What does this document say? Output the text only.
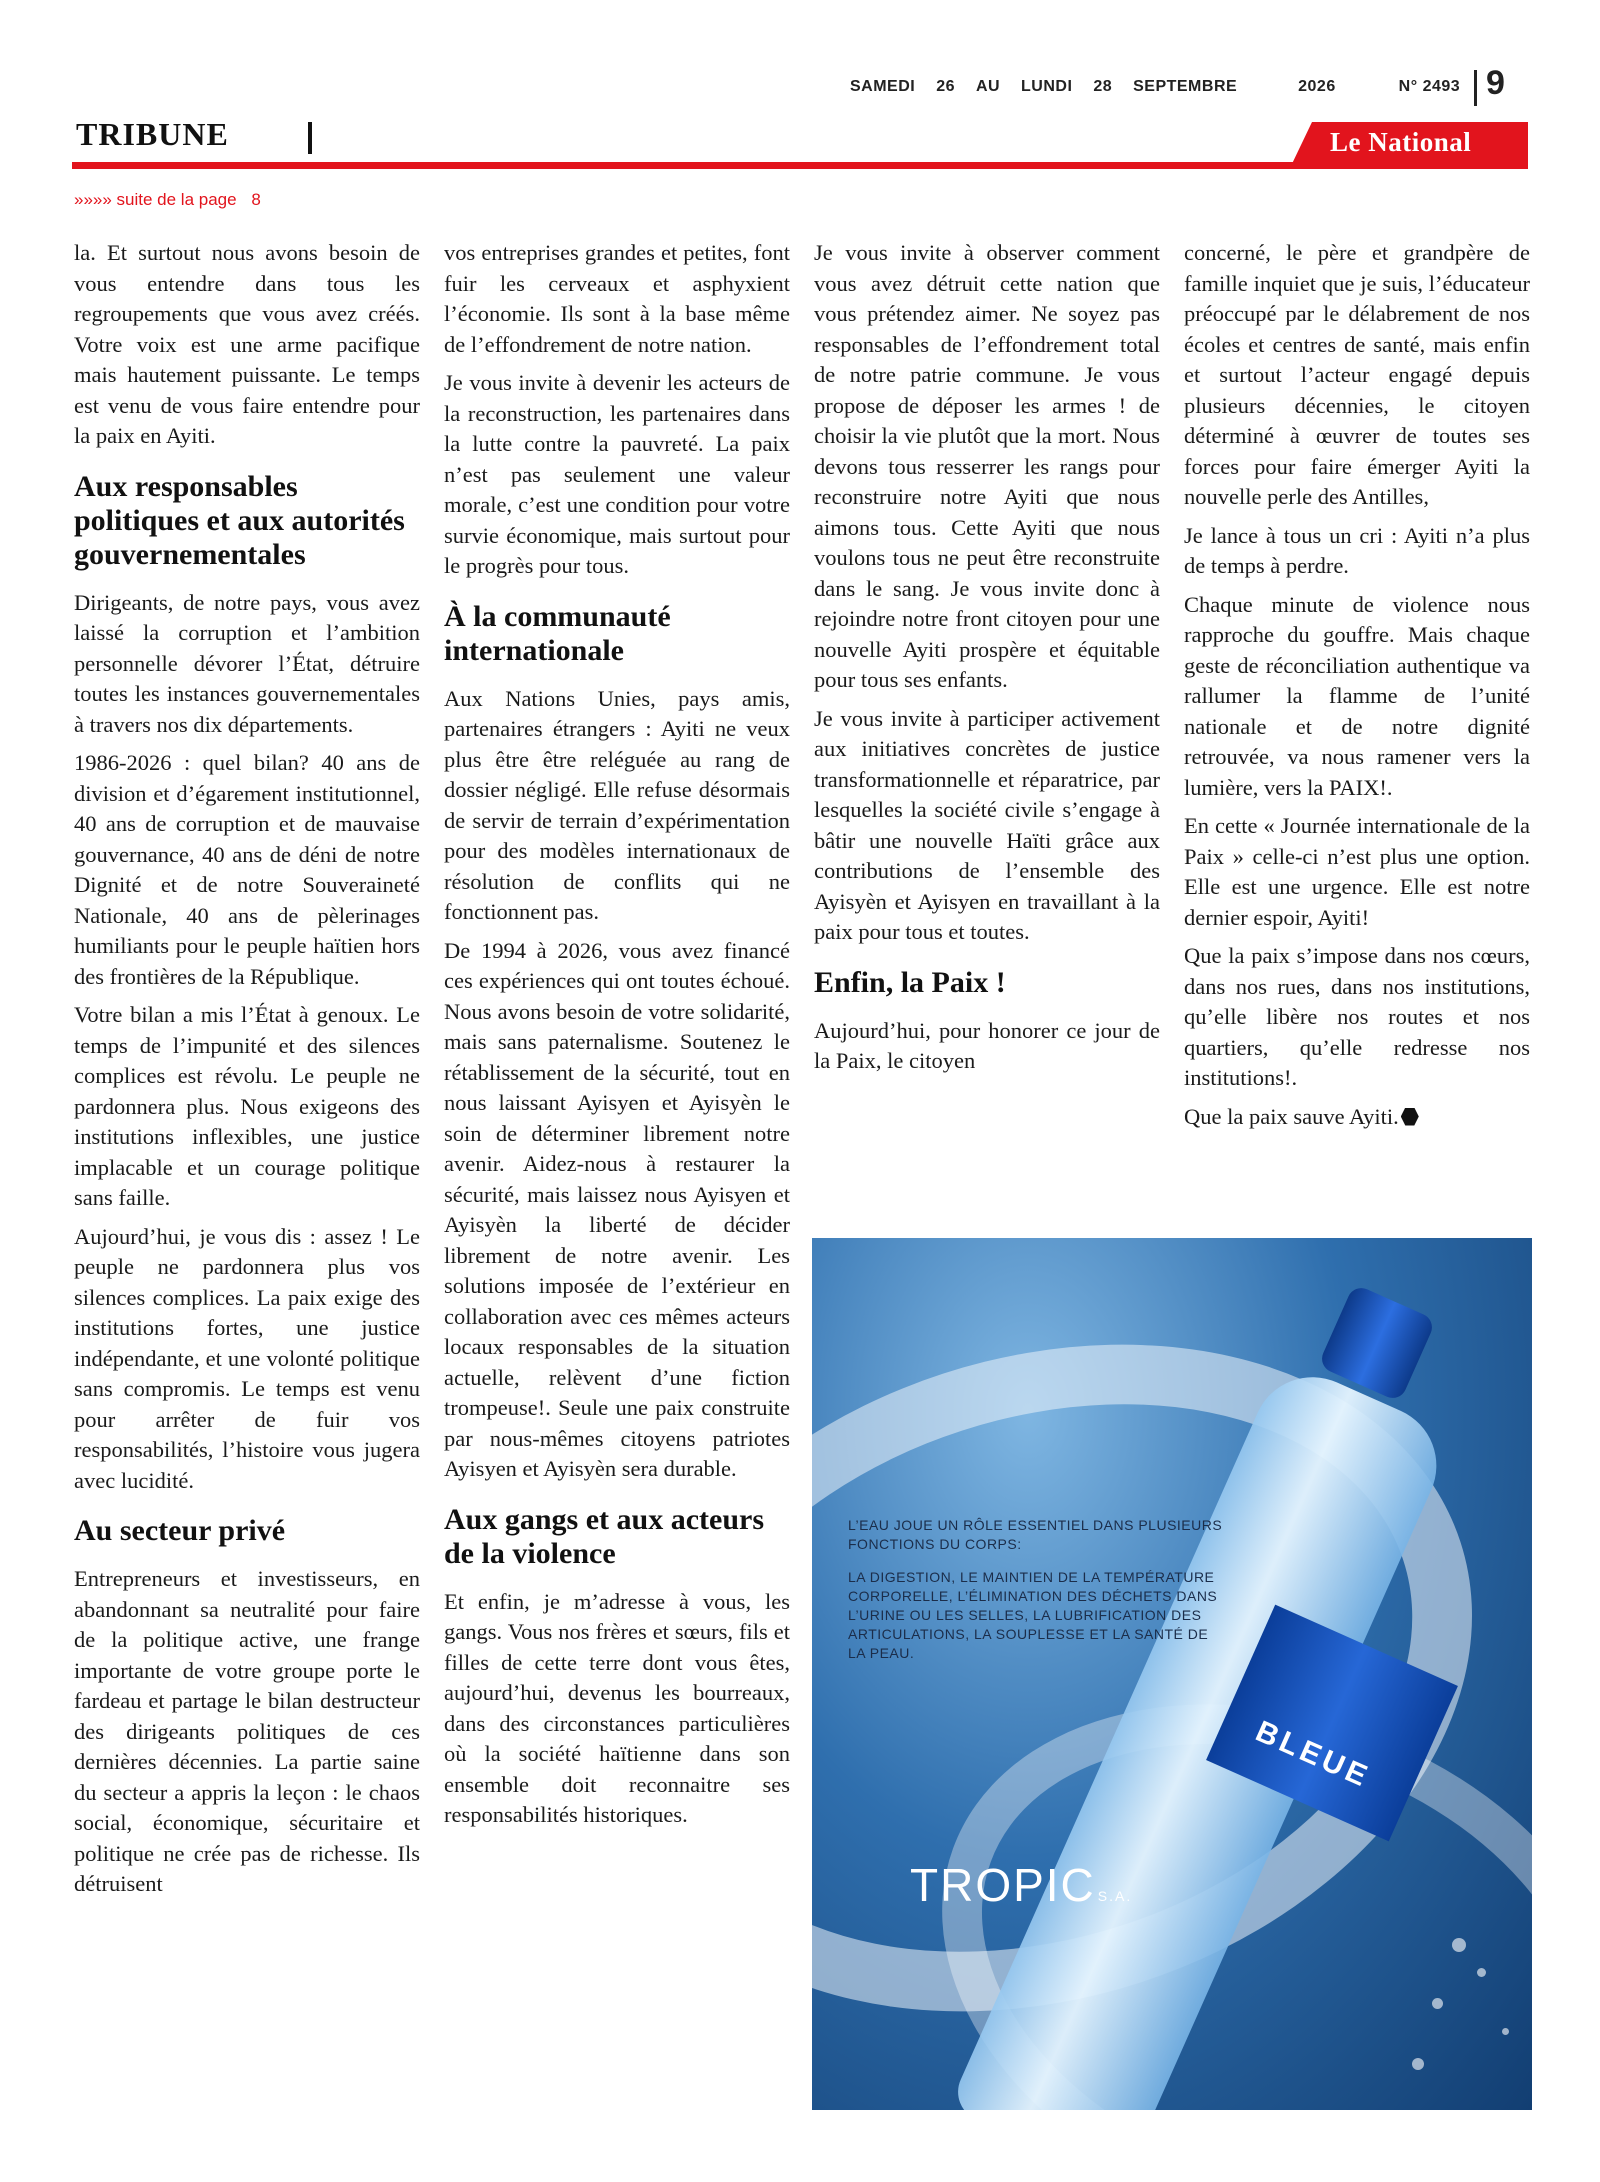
SAMEDI 26 AU LUNDI 28 SEPTEMBRE	2026	N° 2493 9
TRIBUNE	Le National
»»»» suite de la page 8

la. Et surtout nous avons besoin de vous entendre dans tous les regroupements que vous avez créés. Votre voix est une arme pacifique mais hautement puissante. Le temps est venu de vous faire entendre pour la paix en Ayiti.

Aux responsables politiques et aux autorités gouvernementales

Dirigeants, de notre pays, vous avez laissé la corruption et l’ambition personnelle dévorer l’État, détruire toutes les instances gouvernementales à travers nos dix départements.

1986-2026 : quel bilan? 40 ans de division et d’égarement institutionnel, 40 ans de corruption et de mauvaise gouvernance, 40 ans de déni de notre Dignité et de notre Souveraineté Nationale, 40 ans de pèlerinages humiliants pour le peuple haïtien hors des frontières de la République.

Votre bilan a mis l’État à genoux. Le temps de l’impunité et des silences complices est révolu. Le peuple ne pardonnera plus. Nous exigeons des institutions inflexibles, une justice implacable et un courage politique sans faille.

Aujourd’hui, je vous dis : assez ! Le peuple ne pardonnera plus vos silences complices. La paix exige des institutions fortes, une justice indépendante, et une volonté politique sans compromis. Le temps est venu pour arrêter de fuir vos responsabilités, l’histoire vous jugera avec lucidité.

Au secteur privé

Entrepreneurs et investisseurs, en abandonnant sa neutralité pour faire de la politique active, une frange importante de votre groupe porte le fardeau et partage le bilan destructeur des dirigeants politiques de ces dernières décennies. La partie saine du secteur a appris la leçon : le chaos social, économique, sécuritaire et politique ne crée pas de richesse. Ils détruisent

vos entreprises grandes et petites, font fuir les cerveaux et asphyxient l’économie. Ils sont à la base même de l’effondrement de notre nation.

Je vous invite à devenir les acteurs de la reconstruction, les partenaires dans la lutte contre la pauvreté. La paix n’est pas seulement une valeur morale, c’est une condition pour votre survie économique, mais surtout pour le progrès pour tous.

À la communauté internationale

Aux Nations Unies, pays amis, partenaires étrangers : Ayiti ne veux plus être être reléguée au rang de dossier négligé. Elle refuse désormais de servir de terrain d’expérimentation pour des modèles internationaux de résolution de conflits qui ne fonctionnent pas.

De 1994 à 2026, vous avez financé ces expériences qui ont toutes échoué. Nous avons besoin de votre solidarité, mais sans paternalisme. Soutenez le rétablissement de la sécurité, tout en nous laissant Ayisyen et Ayisyèn le soin de déterminer librement notre avenir. Aidez-nous à restaurer la sécurité, mais laissez nous Ayisyen et Ayisyèn la liberté de décider librement de notre avenir. Les solutions imposée de l’extérieur en collaboration avec ces mêmes acteurs locaux responsables de la situation actuelle, relèvent d’une fiction trompeuse!. Seule une paix construite par nous-mêmes citoyens patriotes Ayisyen et Ayisyèn sera durable.

Aux gangs et aux acteurs de la violence

Et enfin, je m’adresse à vous, les gangs. Vous nos frères et sœurs, fils et filles de cette terre dont vous êtes, aujourd’hui, devenus les bourreaux, dans des circonstances particulières où la société haïtienne dans son ensemble doit reconnaitre ses responsabilités historiques.

Je vous invite à observer comment vous avez détruit cette nation que vous prétendez aimer. Ne soyez pas responsables de l’effondrement total de notre patrie commune. Je vous propose de déposer les armes ! de choisir la vie plutôt que la mort. Nous devons tous resserrer les rangs pour reconstruire notre Ayiti que nous aimons tous. Cette Ayiti que nous voulons tous ne peut être reconstruite dans le sang. Je vous invite donc à rejoindre notre front citoyen pour une nouvelle Ayiti prospère et équitable pour tous ses enfants.

Je vous invite à participer activement aux initiatives concrètes de justice transformationnelle et réparatrice, par lesquelles la société civile s’engage à bâtir une nouvelle Haïti grâce aux contributions de l’ensemble des Ayisyèn et Ayisyen en travaillant à la paix pour tous et toutes.

Enfin, la Paix !

Aujourd’hui, pour honorer ce jour de la Paix, le citoyen

concerné, le père et grandpère de famille inquiet que je suis, l’éducateur préoccupé par le délabrement de nos écoles et centres de santé, mais enfin et surtout l’acteur engagé depuis plusieurs décennies, le citoyen déterminé à œuvrer de toutes ses forces pour faire émerger Ayiti la nouvelle perle des Antilles,

Je lance à tous un cri : Ayiti n’a plus de temps à perdre.

Chaque minute de violence nous rapproche du gouffre. Mais chaque geste de réconciliation authentique va rallumer la flamme de l’unité nationale et de notre dignité retrouvée, va nous ramener vers la lumière, vers la PAIX!.

En cette « Journée internationale de la Paix » celle-ci n’est plus une option. Elle est une urgence. Elle est notre dernier espoir, Ayiti!

Que la paix s’impose dans nos cœurs, dans nos rues, dans nos institutions, qu’elle libère nos routes et nos quartiers, qu’elle redresse nos institutions!.

Que la paix sauve Ayiti.

BLEUE

L’EAU JOUE UN RÔLE ESSENTIEL DANS PLUSIEURS FONCTIONS DU CORPS:

LA DIGESTION, LE MAINTIEN DE LA TEMPÉRATURE CORPORELLE, L’ÉLIMINATION DES DÉCHETS DANS L’URINE OU LES SELLES, LA LUBRIFICATION DES ARTICULATIONS, LA SOUPLESSE ET LA SANTÉ DE LA PEAU.

TROPIC S.A.
